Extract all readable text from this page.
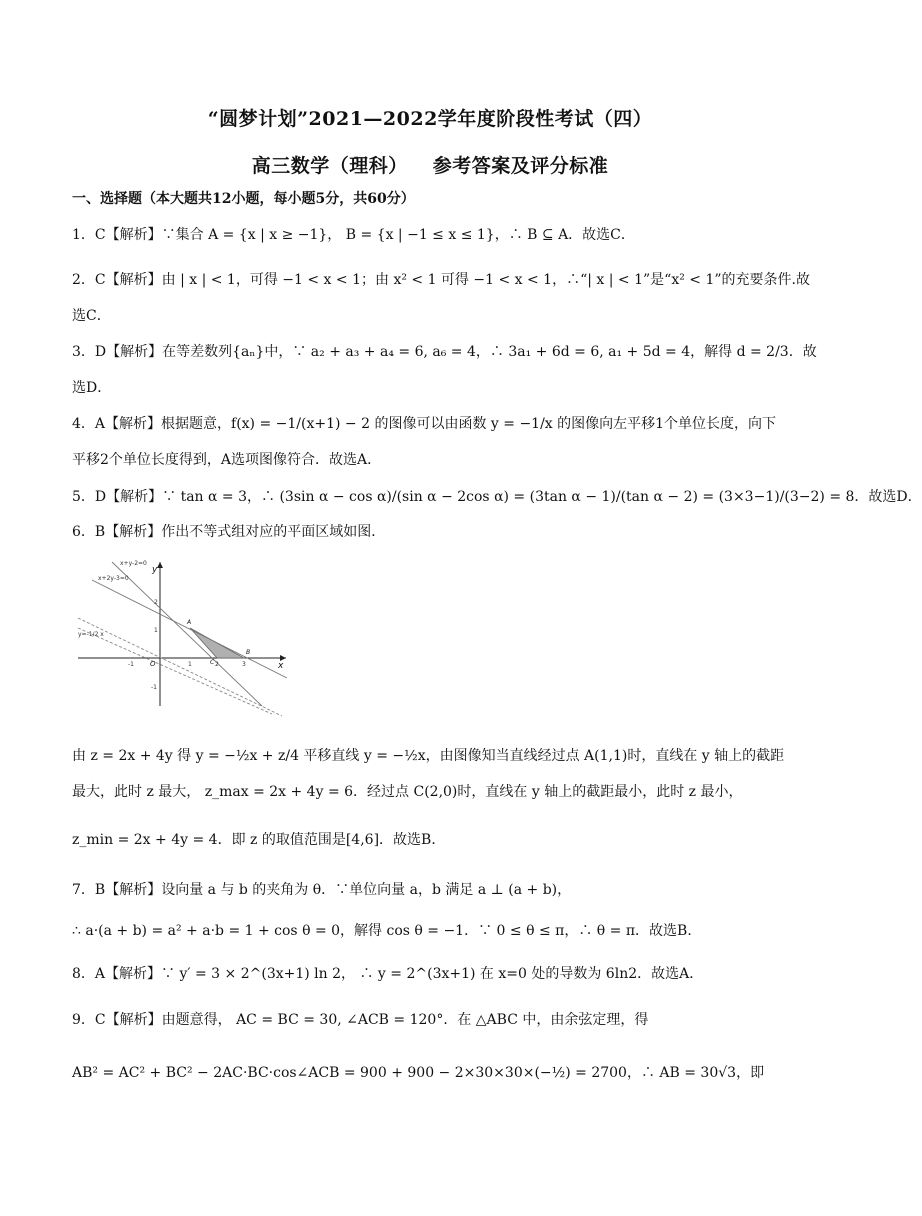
“圆梦计划”2021—2022学年度阶段性考试（四）
高三数学（理科） 参考答案及评分标准
一、选择题（本大题共12小题，每小题5分，共60分）
1．C【解析】∵集合 A = {x | x ≥ −1}， B = {x | −1 ≤ x ≤ 1}，∴ B ⊆ A．故选C．
2．C【解析】由 | x | < 1，可得 −1 < x < 1；由 x² < 1 可得 −1 < x < 1，∴“| x | < 1”是“x² < 1”的充要条件.故
选C．
3．D【解析】在等差数列{aₙ}中，∵ a₂ + a₃ + a₄ = 6, a₆ = 4，∴ 3a₁ + 6d = 6, a₁ + 5d = 4，解得 d = 2/3．故
选D．
4．A【解析】根据题意，f(x) = −1/(x+1) − 2 的图像可以由函数 y = −1/x 的图像向左平移1个单位长度，向下
平移2个单位长度得到，A选项图像符合．故选A．
5．D【解析】∵ tan α = 3，∴ (3sin α − cos α)/(sin α − 2cos α) = (3tan α − 1)/(tan α − 2) = (3×3−1)/(3−2) = 8．故选D．
6．B【解析】作出不等式组对应的平面区域如图．
x+y-2=0
x+2y-3=0
y=-1/2 x
x
y
O
-1	1	2	3
2
1
-1
A
B
C
由 z = 2x + 4y 得 y = −½x + z/4 平移直线 y = −½x，由图像知当直线经过点 A(1,1)时，直线在 y 轴上的截距
最大，此时 z 最大， z_max = 2x + 4y = 6．经过点 C(2,0)时，直线在 y 轴上的截距最小，此时 z 最小，
z_min = 2x + 4y = 4．即 z 的取值范围是[4,6]．故选B．
7．B【解析】设向量 a 与 b 的夹角为 θ．∵单位向量 a，b 满足 a ⊥ (a + b)，
∴ a·(a + b) = a² + a·b = 1 + cos θ = 0，解得 cos θ = −1．∵ 0 ≤ θ ≤ π，∴ θ = π．故选B．
8．A【解析】∵ y′ = 3 × 2^(3x+1) ln 2， ∴ y = 2^(3x+1) 在 x=0 处的导数为 6ln2．故选A．
9．C【解析】由题意得， AC = BC = 30, ∠ACB = 120°．在 △ABC 中，由余弦定理，得
AB² = AC² + BC² − 2AC·BC·cos∠ACB = 900 + 900 − 2×30×30×(−½) = 2700，∴ AB = 30√3，即
